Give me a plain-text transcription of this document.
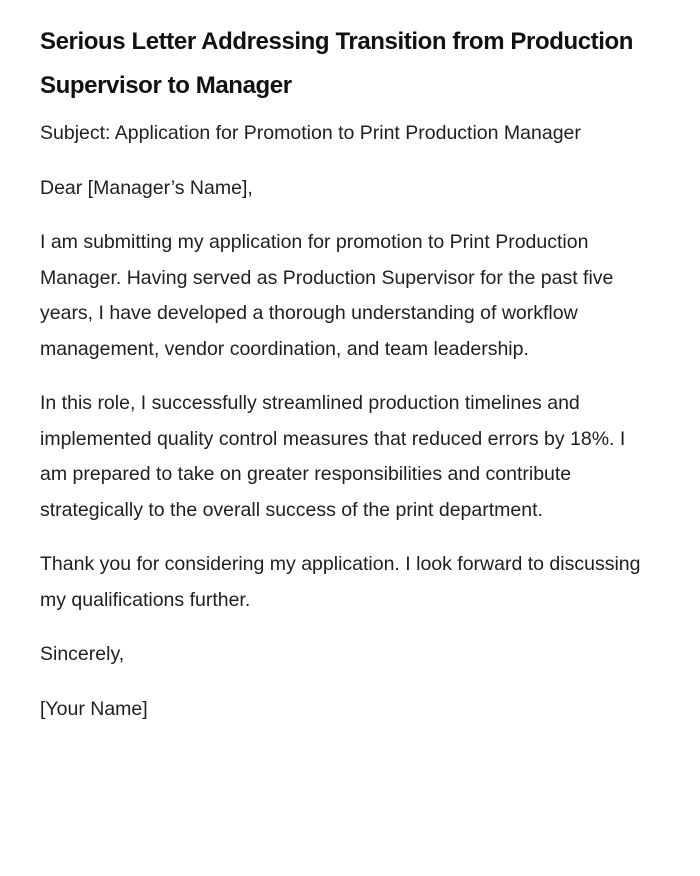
Serious Letter Addressing Transition from Production Supervisor to Manager

Subject: Application for Promotion to Print Production Manager

Dear [Manager’s Name],

I am submitting my application for promotion to Print Production Manager. Having served as Production Supervisor for the past five years, I have developed a thorough understanding of workflow management, vendor coordination, and team leadership.

In this role, I successfully streamlined production timelines and implemented quality control measures that reduced errors by 18%. I am prepared to take on greater responsibilities and contribute strategically to the overall success of the print department.

Thank you for considering my application. I look forward to discussing my qualifications further.

Sincerely,

[Your Name]
